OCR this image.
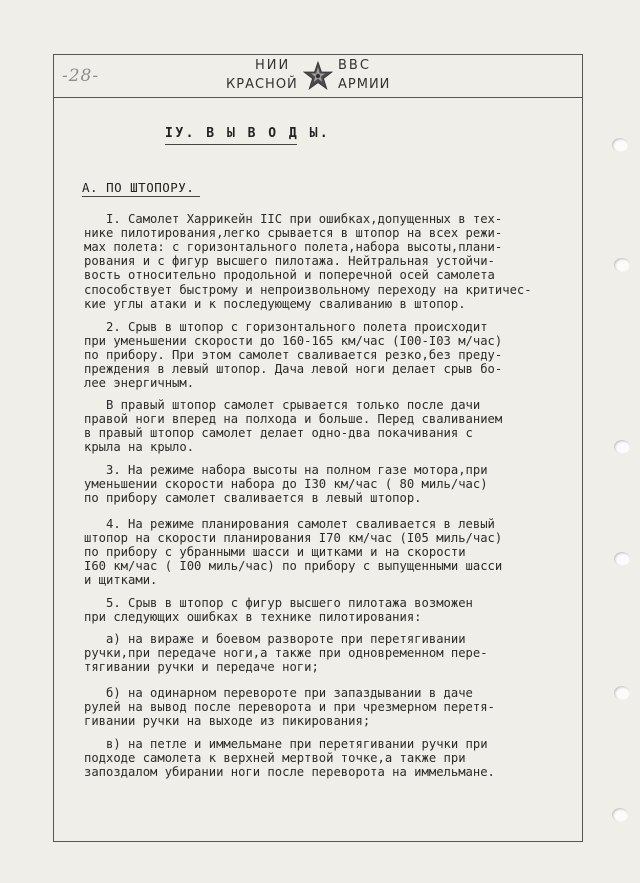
-28-
НИИ	ВВС
КРАСНОЙ	АРМИИ
IУ. В Ы В О Д Ы.
А. ПО ШТОПОРУ.
I. Самолет Харрикейн IIС при ошибках,допущенных в тех-
нике пилотирования,легко срывается в штопор на всех режи-
мах полета: с горизонтального полета,набора высоты,плани-
рования и с фигур высшего пилотажа. Нейтральная устойчи-
вость относительно продольной и поперечной осей самолета
способствует быстрому и непроизвольному переходу на критичес-
кие углы атаки и к последующему сваливанию в штопор.
2. Срыв в штопор с горизонтального полета происходит
при уменьшении скорости до 160-165 км/час (I00-I03 м/час)
по прибору. При этом самолет сваливается резко,без преду-
преждения в левый штопор. Дача левой ноги делает срыв бо-
лее энергичным.
В правый штопор самолет срывается только после дачи
правой ноги вперед на полхода и больше. Перед сваливанием
в правый штопор самолет делает одно-два покачивания с
крыла на крыло.
3. На режиме набора высоты на полном газе мотора,при
уменьшении скорости набора до I30 км/час ( 80 миль/час)
по прибору самолет сваливается в левый штопор.
4. На режиме планирования самолет сваливается в левый
штопор на скорости планирования I70 км/час (I05 миль/час)
по прибору с убранными шасси и щитками и на скорости
I60 км/час ( I00 миль/час) по прибору с выпущенными шасси
и щитками.
5. Срыв в штопор с фигур высшего пилотажа возможен
при следующих ошибках в технике пилотирования:
а) на вираже и боевом развороте при перетягивании
ручки,при передаче ноги,а также при одновременном пере-
тягивании ручки и передаче ноги;
б) на одинарном перевороте при запаздывании в даче
рулей на вывод после переворота и при чрезмерном перетя-
гивании ручки на выходе из пикирования;
в) на петле и иммельмане при перетягивании ручки при
подходе самолета к верхней мертвой точке,а также при
запоздалом убирании ноги после переворота на иммельмане.
